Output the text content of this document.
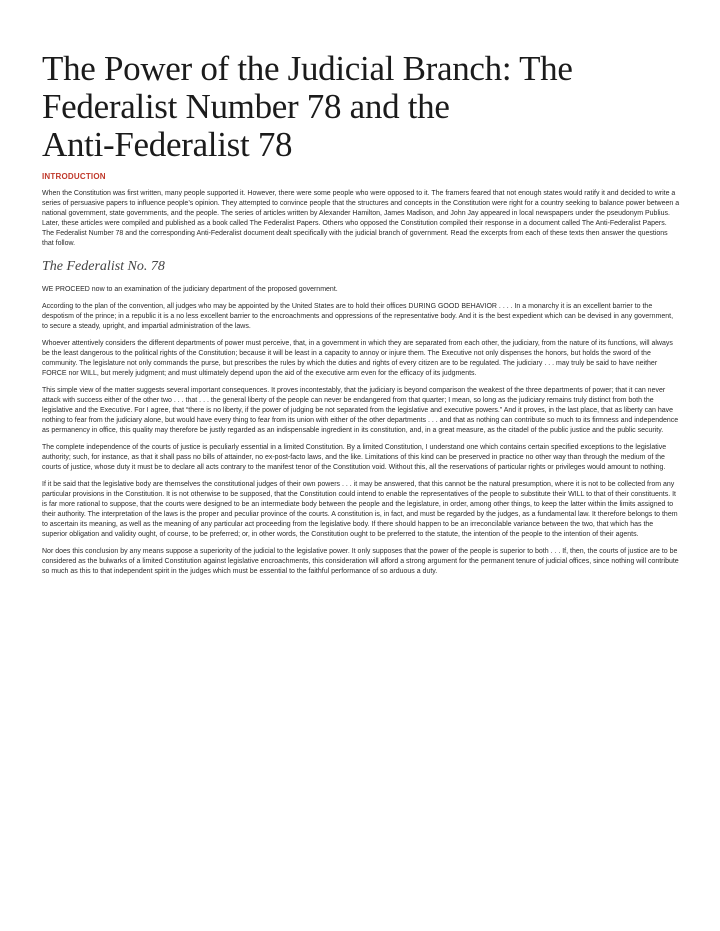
The Power of the Judicial Branch: The
Federalist Number 78 and the
Anti-Federalist 78
INTRODUCTION

When the Constitution was first written, many people supported it. However, there were some people who were opposed to it. The framers feared that not enough states would ratify it and decided to write a series of persuasive papers to influence people’s opinion. They attempted to convince people that the structures and concepts in the Constitution were right for a country seeking to balance power between a national government, state governments, and the people. The series of articles written by Alexander Hamilton, James Madison, and John Jay appeared in local newspapers under the pseudonym Publius. Later, these articles were compiled and published as a book called The Federalist Papers. Others who opposed the Constitution compiled their response in a document called The Anti-Federalist Papers.

The Federalist Number 78 and the corresponding Anti-Federalist document dealt specifically with the judicial branch of government. Read the excerpts from each of these texts then answer the questions that follow.

The Federalist No. 78

WE PROCEED now to an examination of the judiciary department of the proposed government.

According to the plan of the convention, all judges who may be appointed by the United States are to hold their offices DURING GOOD BEHAVIOR . . . . In a monarchy it is an excellent barrier to the despotism of the prince; in a republic it is a no less excellent barrier to the encroachments and oppressions of the representative body. And it is the best expedient which can be devised in any government, to secure a steady, upright, and impartial administration of the laws.

Whoever attentively considers the different departments of power must perceive, that, in a government in which they are separated from each other, the judiciary, from the nature of its functions, will always be the least dangerous to the political rights of the Constitution; because it will be least in a capacity to annoy or injure them. The Executive not only dispenses the honors, but holds the sword of the community. The legislature not only commands the purse, but prescribes the rules by which the duties and rights of every citizen are to be regulated. The judiciary . . . may truly be said to have neither FORCE nor WILL, but merely judgment; and must ultimately depend upon the aid of the executive arm even for the efficacy of its judgments.

This simple view of the matter suggests several important consequences. It proves incontestably, that the judiciary is beyond comparison the weakest of the three departments of power; that it can never attack with success either of the other two . . . that . . . the general liberty of the people can never be endangered from that quarter; I mean, so long as the judiciary remains truly distinct from both the legislative and the Executive. For I agree, that “there is no liberty, if the power of judging be not separated from the legislative and executive powers.” And it proves, in the last place, that as liberty can have nothing to fear from the judiciary alone, but would have every thing to fear from its union with either of the other departments . . . and that as nothing can contribute so much to its firmness and independence as permanency in office, this quality may therefore be justly regarded as an indispensable ingredient in its constitution, and, in a great measure, as the citadel of the public justice and the public security.

The complete independence of the courts of justice is peculiarly essential in a limited Constitution. By a limited Constitution, I understand one which contains certain specified exceptions to the legislative authority; such, for instance, as that it shall pass no bills of attainder, no ex-post-facto laws, and the like. Limitations of this kind can be preserved in practice no other way than through the medium of the courts of justice, whose duty it must be to declare all acts contrary to the manifest tenor of the Constitution void. Without this, all the reservations of particular rights or privileges would amount to nothing.

If it be said that the legislative body are themselves the constitutional judges of their own powers . . . it may be answered, that this cannot be the natural presumption, where it is not to be collected from any particular provisions in the Constitution. It is not otherwise to be supposed, that the Constitution could intend to enable the representatives of the people to substitute their WILL to that of their constituents. It is far more rational to suppose, that the courts were designed to be an intermediate body between the people and the legislature, in order, among other things, to keep the latter within the limits assigned to their authority. The interpretation of the laws is the proper and peculiar province of the courts. A constitution is, in fact, and must be regarded by the judges, as a fundamental law. It therefore belongs to them to ascertain its meaning, as well as the meaning of any particular act proceeding from the legislative body. If there should happen to be an irreconcilable variance between the two, that which has the superior obligation and validity ought, of course, to be preferred; or, in other words, the Constitution ought to be preferred to the statute, the intention of the people to the intention of their agents.

Nor does this conclusion by any means suppose a superiority of the judicial to the legislative power. It only supposes that the power of the people is superior to both . . . If, then, the courts of justice are to be considered as the bulwarks of a limited Constitution against legislative encroachments, this consideration will afford a strong argument for the permanent tenure of judicial offices, since nothing will contribute so much as this to that independent spirit in the judges which must be essential to the faithful performance of so arduous a duty.
